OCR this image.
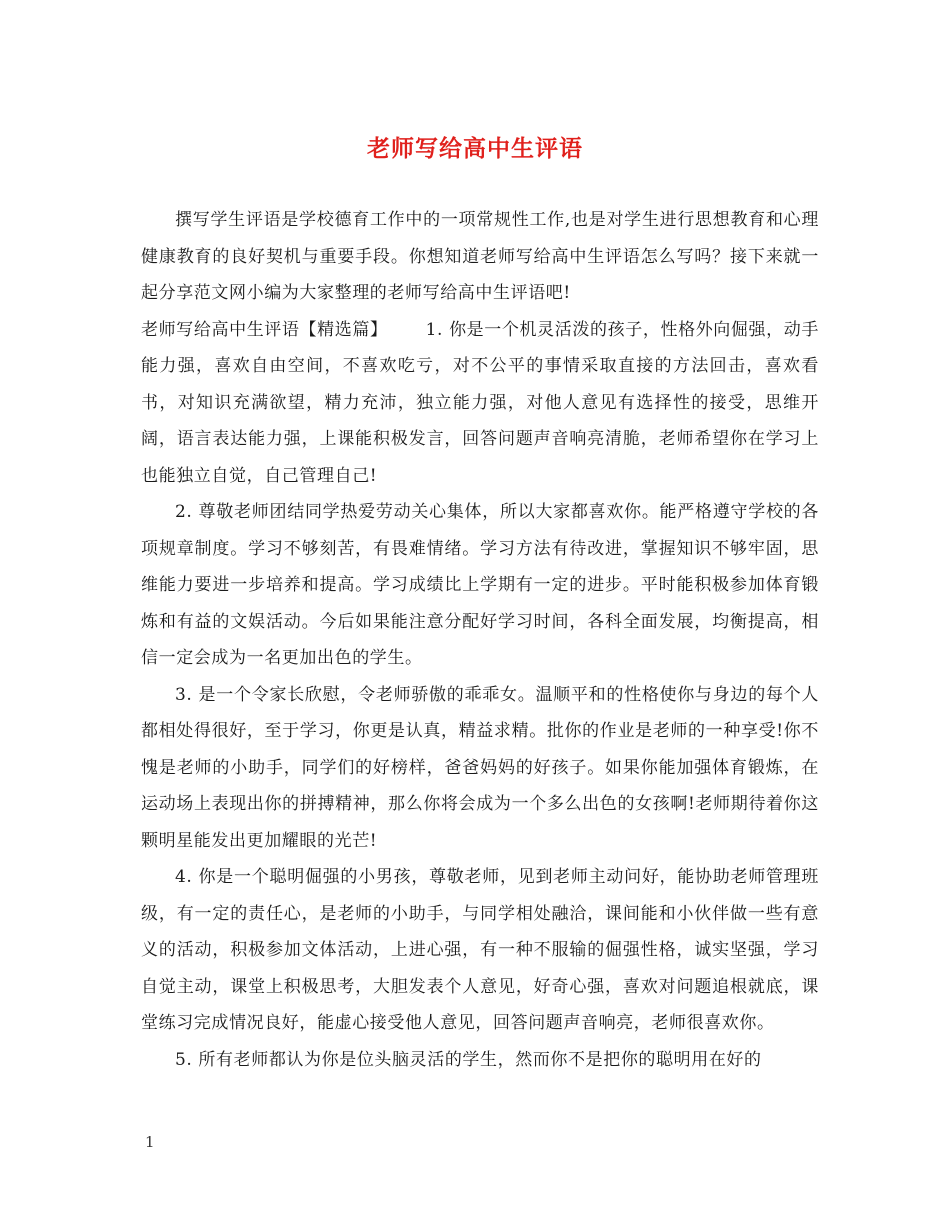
老师写给高中生评语

撰写学生评语是学校德育工作中的一项常规性工作,也是对学生进行思想教育和心理健康教育的良好契机与重要手段。你想知道老师写给高中生评语怎么写吗？接下来就一起分享范文网小编为大家整理的老师写给高中生评语吧!

老师写给高中生评语【精选篇】 1. 你是一个机灵活泼的孩子，性格外向倔强，动手能力强，喜欢自由空间，不喜欢吃亏，对不公平的事情采取直接的方法回击，喜欢看书，对知识充满欲望，精力充沛，独立能力强，对他人意见有选择性的接受，思维开阔，语言表达能力强，上课能积极发言，回答问题声音响亮清脆，老师希望你在学习上也能独立自觉，自己管理自己!

2. 尊敬老师团结同学热爱劳动关心集体，所以大家都喜欢你。能严格遵守学校的各项规章制度。学习不够刻苦，有畏难情绪。学习方法有待改进，掌握知识不够牢固，思维能力要进一步培养和提高。学习成绩比上学期有一定的进步。平时能积极参加体育锻炼和有益的文娱活动。今后如果能注意分配好学习时间，各科全面发展，均衡提高，相信一定会成为一名更加出色的学生。

3. 是一个令家长欣慰，令老师骄傲的乖乖女。温顺平和的性格使你与身边的每个人都相处得很好，至于学习，你更是认真，精益求精。批你的作业是老师的一种享受!你不愧是老师的小助手，同学们的好榜样，爸爸妈妈的好孩子。如果你能加强体育锻炼，在运动场上表现出你的拼搏精神，那么你将会成为一个多么出色的女孩啊!老师期待着你这颗明星能发出更加耀眼的光芒!

4. 你是一个聪明倔强的小男孩，尊敬老师，见到老师主动问好，能协助老师管理班级，有一定的责任心，是老师的小助手，与同学相处融洽，课间能和小伙伴做一些有意义的活动，积极参加文体活动，上进心强，有一种不服输的倔强性格，诚实坚强，学习自觉主动，课堂上积极思考，大胆发表个人意见，好奇心强，喜欢对问题追根就底，课堂练习完成情况良好，能虚心接受他人意见，回答问题声音响亮，老师很喜欢你。

5. 所有老师都认为你是位头脑灵活的学生，然而你不是把你的聪明用在好的

1
